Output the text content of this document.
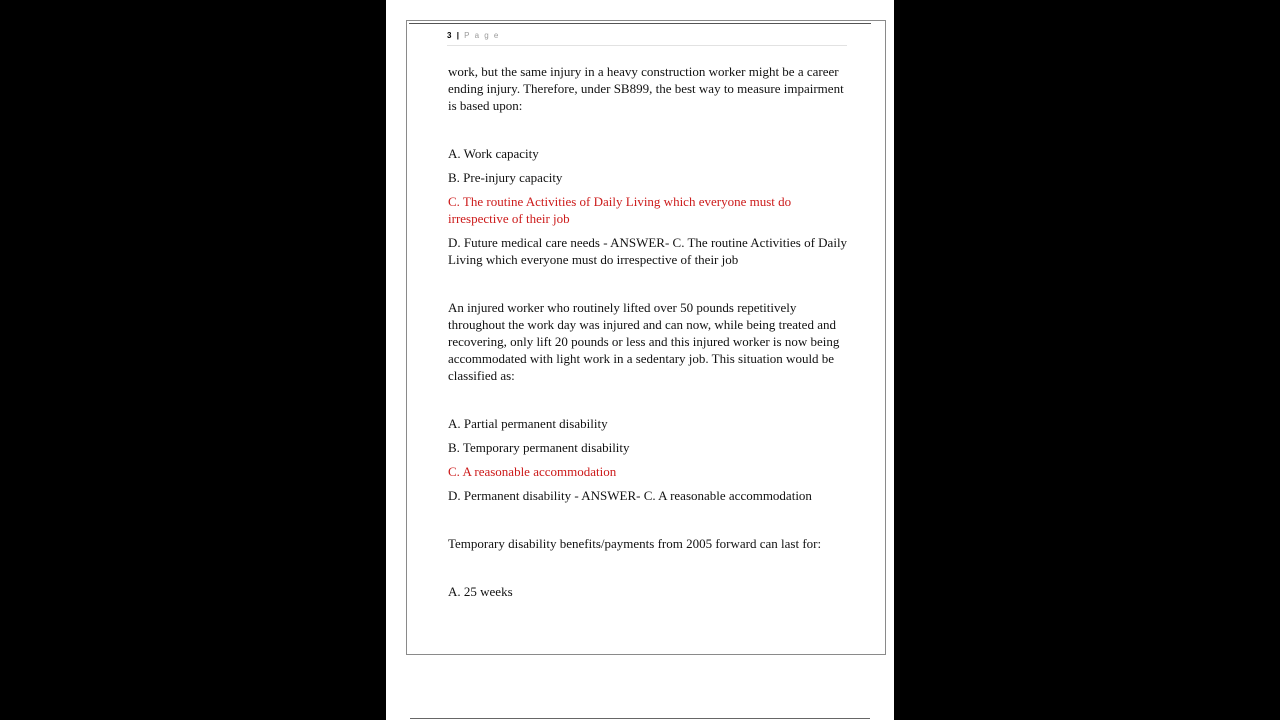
3 | P a g e

work, but the same injury in a heavy construction worker might be a career ending injury. Therefore, under SB899, the best way to measure impairment is based upon:

A. Work capacity

B. Pre-injury capacity

C. The routine Activities of Daily Living which everyone must do irrespective of their job

D. Future medical care needs - ANSWER- C. The routine Activities of Daily Living which everyone must do irrespective of their job

An injured worker who routinely lifted over 50 pounds repetitively throughout the work day was injured and can now, while being treated and recovering, only lift 20 pounds or less and this injured worker is now being accommodated with light work in a sedentary job. This situation would be classified as:

A. Partial permanent disability

B. Temporary permanent disability

C. A reasonable accommodation

D. Permanent disability - ANSWER- C. A reasonable accommodation

Temporary disability benefits/payments from 2005 forward can last for:

A. 25 weeks
